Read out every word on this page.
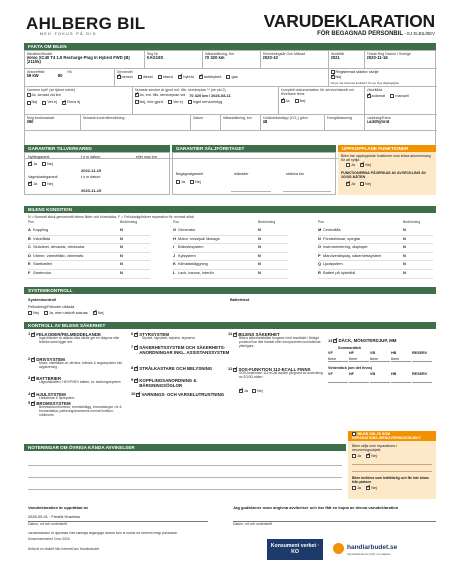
AHLBERG BIL
MED FOKUS PÅ DIG
VARUDEKLARATION
FÖR BEGAGNAD PERSONBIL - EJ ELBIL/BEV
FAKTA OM BILEN
Bilmärke/Modell
Volvo XC40 T4 1.5 Recharge Plug In Hybrid FWD (B) (211hk)
Reg Nr
KAG19S
Mätarställning, Km
70 320 km
Tillverkningsår Och Månad
2020-10
Modellår
2021
Första Reg Datum I Sverige
2020-11-16
Motoreffekt	Hk
59 kW	80
Drivmedel
✓
bensin
	diesel
	etanol
✓	hybrid
✓	laddhybrid
	gas
Registrerad städfor sivdje
✓
Nej
Vid ja, har fordonet ändrats? Om ja, Nya tillgänglighet
Kamrem bytt* (se tjänst rubrik)
Ja, senast vid km
Nej
	Vet ej
✓	Finns ej
Senaste service är gjord enl. tillv. serviceplan ** (se sid 2)
✓
Ja, enl. tillv. serviceplan vid 70 320 km / 2026-08-11
Nej, inte gjord
	Vet ej
	Inget serviceintyg
Komplett dokumentation för servicehistorik enl. tillverkare finns
✓
Ja
	Nej
Växellåda
✓
automat
	manuell
Årlig fordonsskatt
360
Senaste kontrollbesiktning	Datum	Mätarställning, km	Koldioxidutsläpp (CO₂) g/km
48
Energiklassning	Laddning/Extra
Laddhybrid
GARANTIER TILLVERKAREN	GARANTIER SÄLJFÖRETAGET	UPPKOPPLADE FUNKTIONER
Nybilsgaranti	t o m datum	eller max km
✓
Ja
	Nej
2022-11-15
Vagnskadegaranti	t o m datum
✓
Ja
	Nej
2023-11-15
Begagnatgaranti	månader	sträcka km
Ja
	Nej
Bilen har uppkopplade funktioner som kräva abonnemang för att nyttja
Ja
✓	Nej
FUNKTIONERNA PÅVERKAS AV AVVECKLING AV 2G/3G-NÄTEN
✓
Ja
	Nej
BILENS KONDITION
N = Normalt skick genomsnitt bilens ålder och körsträcka, F = Fel/skadig/kräver reparation för normalt skick
Pos	Bedömning	Pos	Bedömning	Pos	Bedömning
A Koppling	N
B Växellåda	N
C Slutväxel, drivaxlar, drivknutar	N
D Värme, värmefläkt, värmesits	N
E Startbatteri	N
F Startmotor	N
G Generator	N
H Motor: missljud/ läckage	N
I Bränslesystem	N
J Kylsystem	N
K Klimatanläggning	N
L Lack, kaross, interiör	N
M Centrallås	N
N Förstsrhissar, speglar	N
O Instrumentering, displayer	N
P Manöverdisplay, säkerhetssystem	N
Q Ljudsystem	N
R Batteri på hybridbil	N
SYSTEMKONTROLL
Systemkontroll	Batteritest
Felkodning/Felkoder utläsda
Nej
	Ja, men utskrift saknas
✓	Nej
KONTROLL AV BILENS SÄKERHET
13 ✓ DÄCK, MÖNSTERDJUP, MM
Sommardäck
VF	HF	VB	HB	RESERV
6mm	6mm	6mm	6mm
Vinterdäck (om det finns)
VF	HF	VB	HB	RESERV
1 ✓ FELKODER/FELMEDDELANDE
Inga felkoder är utlästa vilka därför ger en diagnos eller felsöka samt ligger det.
2 ✓ DRIVSYSTEM
Motor, växellåda/-ar, drivlina, bränsle & avgassystem inkl. avgasrening
3 ✓ BATTERIER
Lågvoltsbatteri, HEV/PHEV batteri, ev. laddningssystem
4 ✓ HJULSYSTEM
Länkarmar & hjulsystem
5 ✓ BROMSSYSTEM
Bromsskivor/trummor, bromsbelägg, bromsslangar, rör & bromsvätska, parkeringsbromsens normal funktion, nödbroms
6 ✓ STYRSYSTEM
Styrled, styrväxel, styrarm, styrservo
7 ✓ SÄKERHETSSYSTEM OCH SÄKERHETS-ANORDNINGAR INKL. ASSISTANSSYSTEM
8 ✓ STRÅLKASTARE OCH BELYSNING
9 ✓ KOPPLINGSANORDNING & BÄRGNINGSÖGLOR
10 ✓ VARNINGS- OCH VARSELUTRUSTNING
11 ✓ BILENS SÄKERHET
Bilens säkerhetsbältet fungerar med resultatet i förlagd protokoll har läst hämtat efter komponenten kontrolleras ytterligare.
12 ✓ SOS-FUNKTION 112-ECALL FINNS
SOS-funktionen 112-eCall avpåer på grund av avveckling av 2G/3G-näten
✓
Ja Nej
NOTERINGAR OM ÖVRIGA KÄNDA AVVIKELSER
BILEN SÄLJS SOM REPARATIONS-/RENOVERINGSOBJEKT
Bilen säljs som reparations-/
renoveringsobjekt
Ja
✓	Nej
Bilen bedöms som trafikfarlig och får inte köras från platsen
Ja
✓	Nej
Varudeklaration är upprättad av
2026-09-01 · Fredrik Husebus
Datum, ort och underskrift
Jag godkänner ovan angivna avvikelser och har fått en kopia av denna varudeklaration
Datum, ort och underskrift
Varudeklaration är upprättad med samtliga tillgängliga historik som är kända vid moment enligt publikation.
Konsumentverket 3 nov 2026
Detta är en utskrift från InternetCars Handlarbudet.	Konsument verket · KO
handlarbudet.se
Varudeklarationen fylls i av säljaren
